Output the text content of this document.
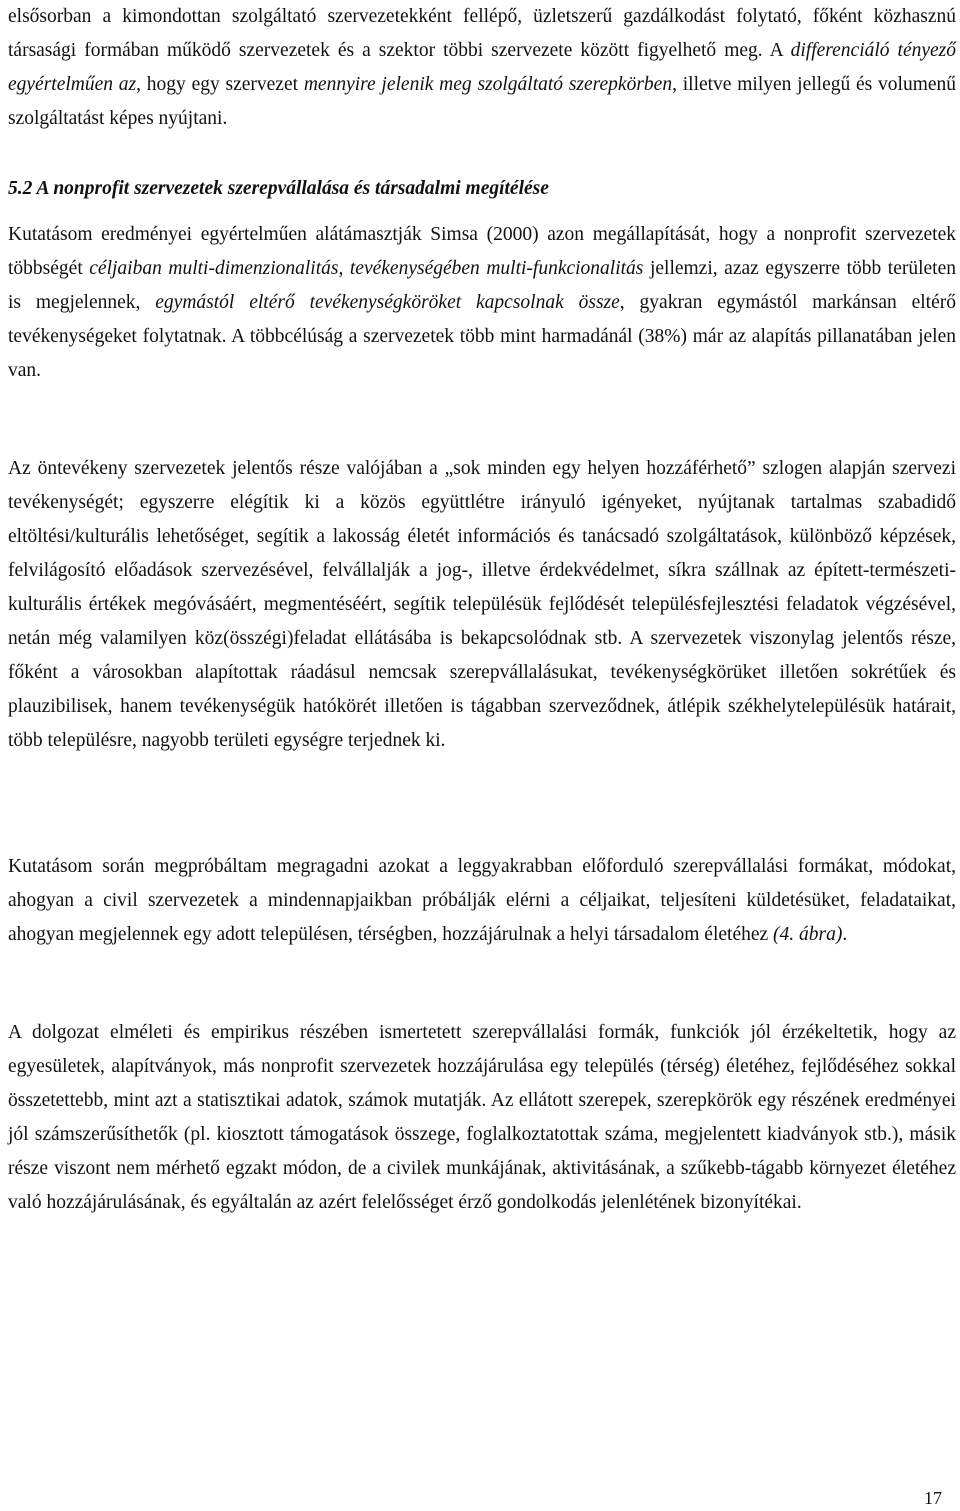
elsősorban a kimondottan szolgáltató szervezetekként fellépő, üzletszerű gazdálkodást folytató, főként közhasznú társasági formában működő szervezetek és a szektor többi szervezete között figyelhető meg. A differenciáló tényező egyértelműen az, hogy egy szervezet mennyire jelenik meg szolgáltató szerepkörben, illetve milyen jellegű és volumenű szolgáltatást képes nyújtani.

5.2 A nonprofit szervezetek szerepvállalása és társadalmi megítélése

Kutatásom eredményei egyértelműen alátámasztják Simsa (2000) azon megállapítását, hogy a nonprofit szervezetek többségét céljaiban multi-dimenzionalitás, tevékenységében multi-funkcionalitás jellemzi, azaz egyszerre több területen is megjelennek, egymástól eltérő tevékenységköröket kapcsolnak össze, gyakran egymástól markánsan eltérő tevékenységeket folytatnak. A többcélúság a szervezetek több mint harmadánál (38%) már az alapítás pillanatában jelen van.

Az öntevékeny szervezetek jelentős része valójában a „sok minden egy helyen hozzáférhető” szlogen alapján szervezi tevékenységét; egyszerre elégítik ki a közös együttlétre irányuló igényeket, nyújtanak tartalmas szabadidő eltöltési/kulturális lehetőséget, segítik a lakosság életét információs és tanácsadó szolgáltatások, különböző képzések, felvilágosító előadások szervezésével, felvállalják a jog-, illetve érdekvédelmet, síkra szállnak az épített-természeti-kulturális értékek megóvásáért, megmentéséért, segítik településük fejlődését településfejlesztési feladatok végzésével, netán még valamilyen köz(összégi)feladat ellátásába is bekapcsolódnak stb. A szervezetek viszonylag jelentős része, főként a városokban alapítottak ráadásul nemcsak szerepvállalásukat, tevékenységkörüket illetően sokrétűek és plauzibilisek, hanem tevékenységük hatókörét illetően is tágabban szerveződnek, átlépik székhelytelepülésük határait, több településre, nagyobb területi egységre terjednek ki.

Kutatásom során megpróbáltam megragadni azokat a leggyakrabban előforduló szerepvállalási formákat, módokat, ahogyan a civil szervezetek a mindennapjaikban próbálják elérni a céljaikat, teljesíteni küldetésüket, feladataikat, ahogyan megjelennek egy adott településen, térségben, hozzájárulnak a helyi társadalom életéhez (4. ábra).

A dolgozat elméleti és empirikus részében ismertetett szerepvállalási formák, funkciók jól érzékeltetik, hogy az egyesületek, alapítványok, más nonprofit szervezetek hozzájárulása egy település (térség) életéhez, fejlődéséhez sokkal összetettebb, mint azt a statisztikai adatok, számok mutatják. Az ellátott szerepek, szerepkörök egy részének eredményei jól számszerűsíthetők (pl. kiosztott támogatások összege, foglalkoztatottak száma, megjelentett kiadványok stb.), másik része viszont nem mérhető egzakt módon, de a civilek munkájának, aktivitásának, a szűkebb-tágabb környezet életéhez való hozzájárulásának, és egyáltalán az azért felelősséget érző gondolkodás jelenlétének bizonyítékai.

17
